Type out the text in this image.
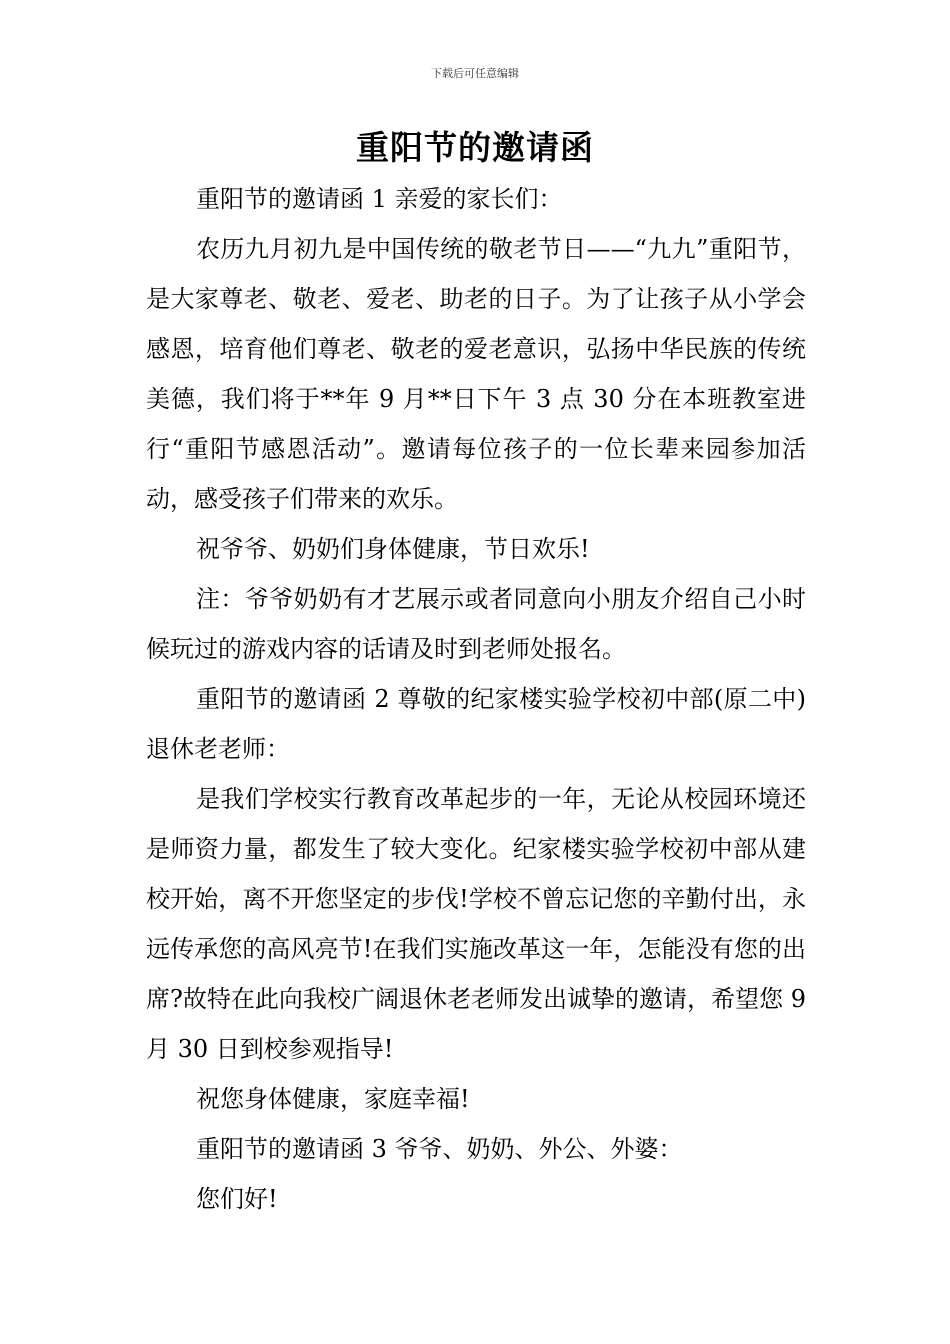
下载后可任意编辑
重阳节的邀请函

重阳节的邀请函 1 亲爱的家长们：

农历九月初九是中国传统的敬老节日——“九九”重阳节，是大家尊老、敬老、爱老、助老的日子。为了让孩子从小学会感恩，培育他们尊老、敬老的爱老意识，弘扬中华民族的传统美德，我们将于**年 9 月**日下午 3 点 30 分在本班教室进行“重阳节感恩活动”。邀请每位孩子的一位长辈来园参加活动，感受孩子们带来的欢乐。

祝爷爷、奶奶们身体健康，节日欢乐!

注：爷爷奶奶有才艺展示或者同意向小朋友介绍自己小时候玩过的游戏内容的话请及时到老师处报名。

重阳节的邀请函 2 尊敬的纪家楼实验学校初中部(原二中)退休老老师：

是我们学校实行教育改革起步的一年，无论从校园环境还是师资力量，都发生了较大变化。纪家楼实验学校初中部从建校开始，离不开您坚定的步伐!学校不曾忘记您的辛勤付出，永远传承您的高风亮节!在我们实施改革这一年，怎能没有您的出席?故特在此向我校广阔退休老老师发出诚挚的邀请，希望您 9 月 30 日到校参观指导!

祝您身体健康，家庭幸福!

重阳节的邀请函 3 爷爷、奶奶、外公、外婆：

您们好!
